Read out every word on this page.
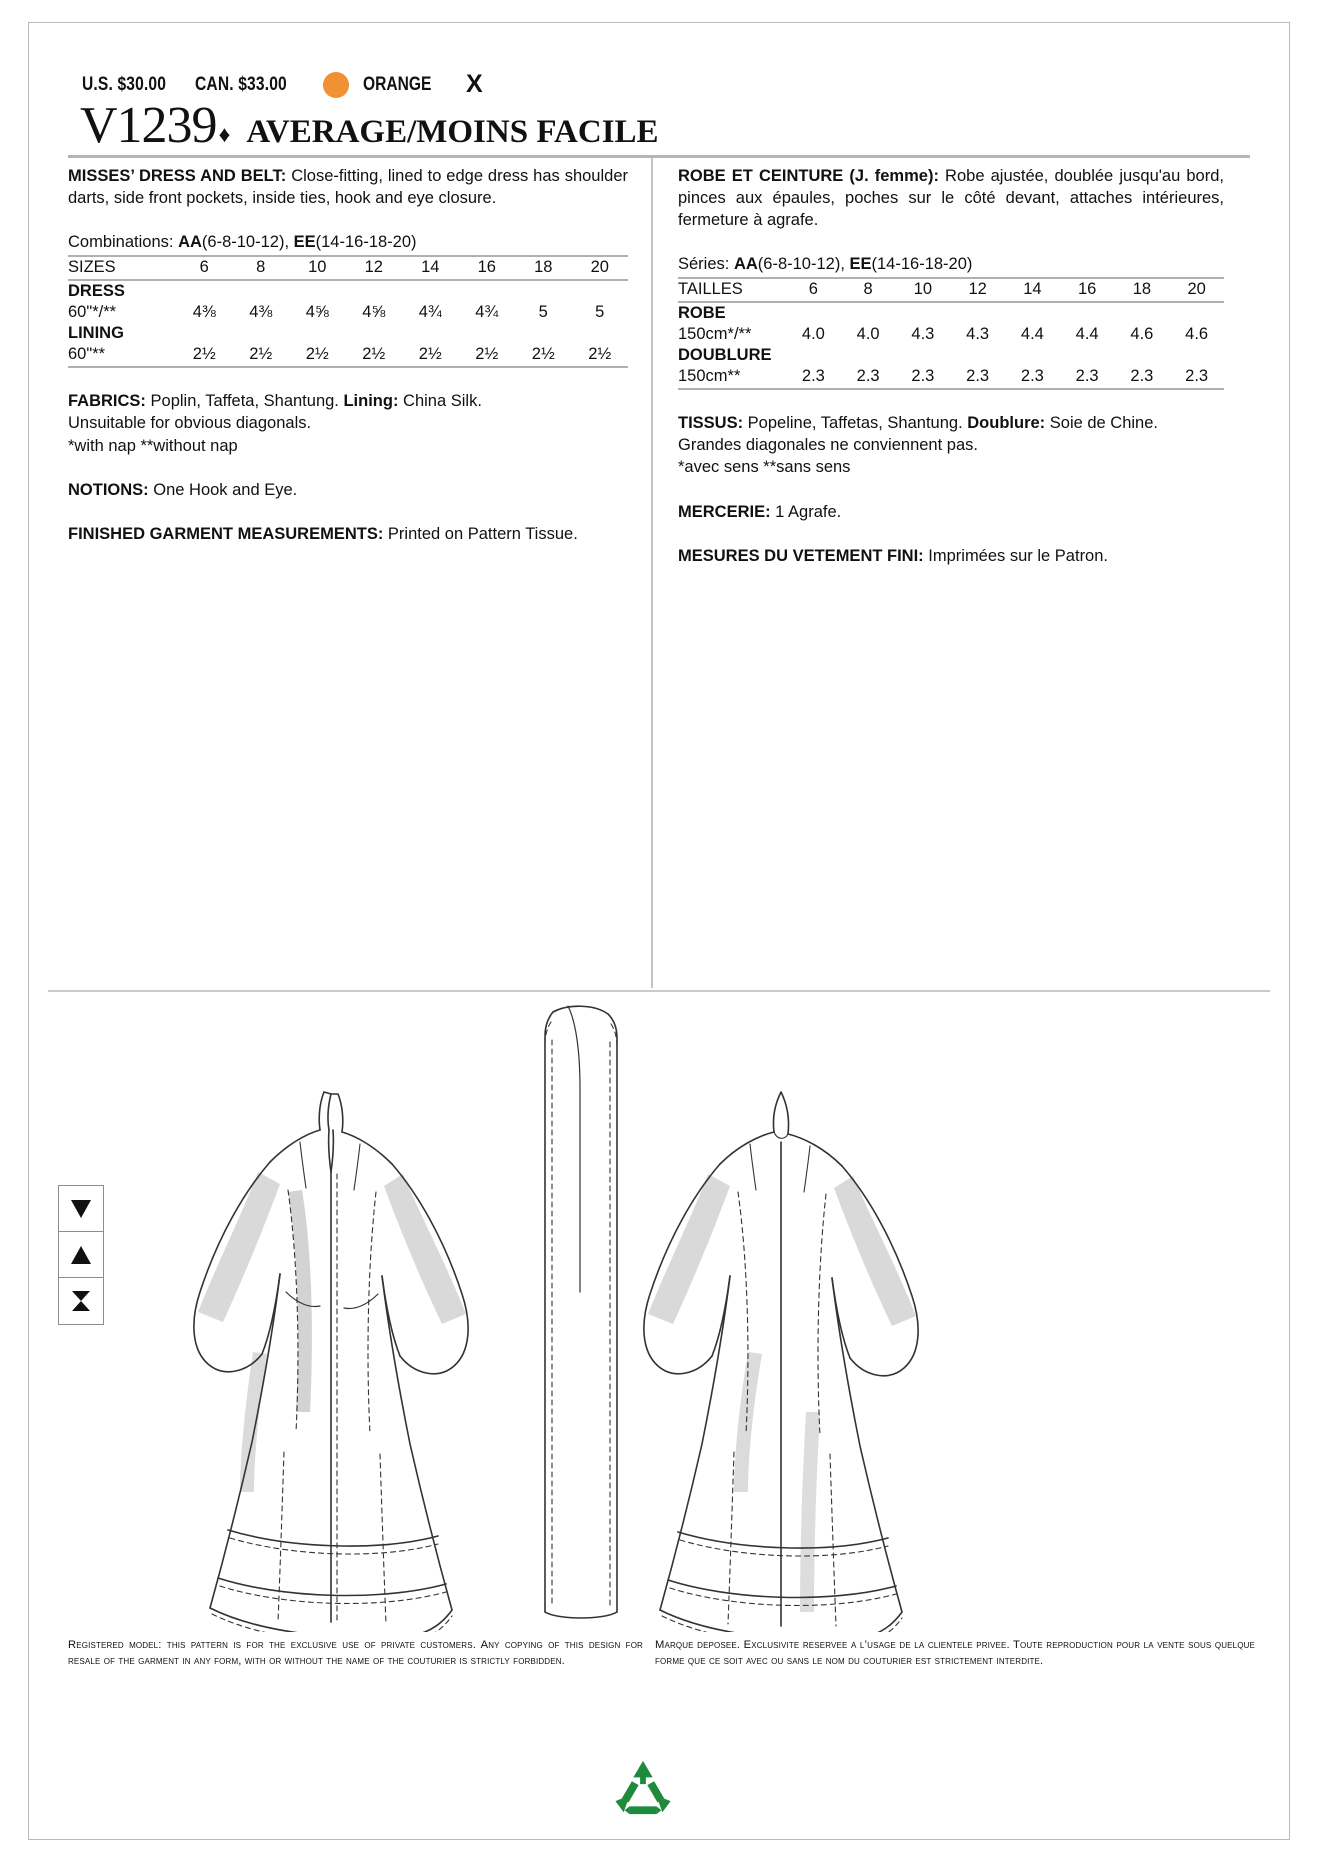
U.S. $30.00 CAN. $33.00	ORANGE X
V1239 ♦ AVERAGE/MOINS FACILE

MISSES’ DRESS AND BELT: Close-fitting, lined to edge dress has shoulder darts, side front pockets, inside ties, hook and eye closure.

Combinations: AA(6-8-10-12), EE(14-16-18-20)
SIZES	6	8	10	12	14	16	18	20
DRESS								
60"*/**	4⅜	4⅜	4⅝	4⅝	4¾	4¾	5	5
LINING								
60"**	2½	2½	2½	2½	2½	2½	2½	2½

FABRICS: Poplin, Taffeta, Shantung. Lining: China Silk.

Unsuitable for obvious diagonals.

*with nap **without nap

NOTIONS: One Hook and Eye.

FINISHED GARMENT MEASUREMENTS: Printed on Pattern Tissue.

ROBE ET CEINTURE (J. femme): Robe ajustée, doublée jusqu'au bord, pinces aux épaules, poches sur le côté devant, attaches intérieures, fermeture à agrafe.

Séries: AA(6-8-10-12), EE(14-16-18-20)
TAILLES	6	8	10	12	14	16	18	20
ROBE								
150cm*/**	4.0	4.0	4.3	4.3	4.4	4.4	4.6	4.6
DOUBLURE								
150cm**	2.3	2.3	2.3	2.3	2.3	2.3	2.3	2.3

TISSUS: Popeline, Taffetas, Shantung. Doublure: Soie de Chine.

Grandes diagonales ne conviennent pas.

*avec sens **sans sens

MERCERIE: 1 Agrafe.

MESURES DU VETEMENT FINI: Imprimées sur le Patron.

Registered model: this pattern is for the exclusive use of private customers. Any copying of this design for resale of the garment in any form, with or without the name of the couturier is strictly forbidden.

Marque deposee. Exclusivite reservee a l’usage de la clientele privee. Toute reproduction pour la vente sous quelque forme que ce soit avec ou sans le nom du couturier est strictement interdite.
